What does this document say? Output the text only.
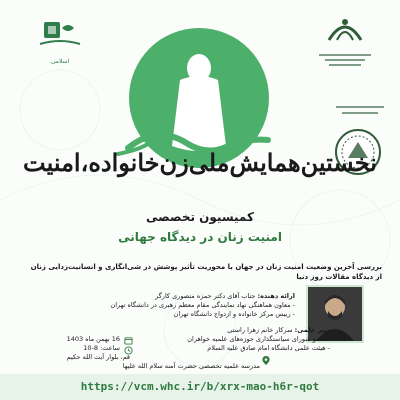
اسلامی
نخستین‌همایش‌ملی‌زن‌خانواده،امنیت
کمیسیون تخصصی
امنیت زنان در دیدگاه جهانی
بررسی آخرین وضعیت امنیت زنان در جهان با محوریت تأثیر پوشش در شی‌انگاری و انسانیت‌زدایی زنان از دیدگاه مقالات روز دنیا
ارائه دهنده: جناب آقای دکتر حمزه منصوری کارگر
- معاون هماهنگی نهاد نمایندگی مقام معظم رهبری در دانشگاه تهران
- رییس مرکز خانواده و ازدواج دانشگاه تهران
دبیر علمی: سرکار خانم زهرا راستی
- عضو شورای سیاستگذاری حوزه‌های علمیه خواهران
- هیئت علمی دانشگاه امام صادق علیه السلام
16 بهمن ماه 1403
ساعت: 8-10
قم، بلوار آیت الله حکیم
مدرسه علمیه تخصصی حضرت آمنه سلام الله علیها
https://vcm.whc.ir/b/xrx-mao-h6r-qot
